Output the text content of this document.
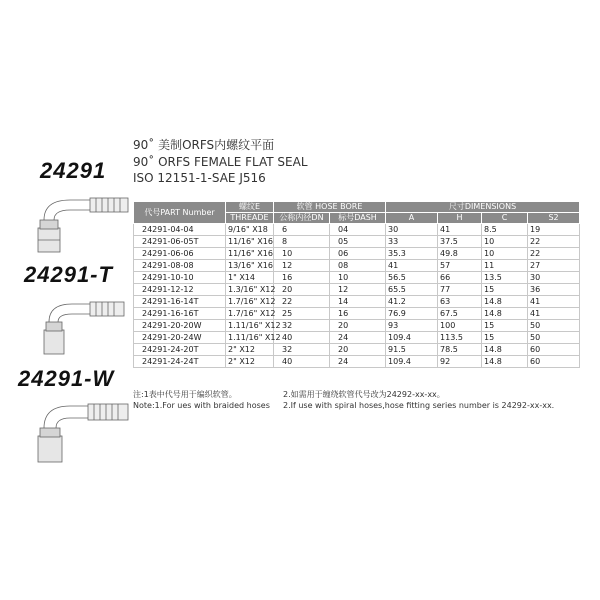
24291
24291-T
24291-W
90˚ 美制ORFS内螺纹平面
90˚ ORFS FEMALE FLAT SEAL
ISO 12151-1-SAE J516
代号PART Number	螺纹E	软管 HOSE BORE		尺寸DIMENSIONS			
	THREADE	公称内径DN	标号DASH	A	H	C	S2
24291-04-04	9/16" X18	6	04	30	41	8.5	19
24291-06-05T	11/16" X16	8	05	33	37.5	10	22
24291-06-06	11/16" X16	10	06	35.3	49.8	10	22
24291-08-08	13/16" X16	12	08	41	57	11	27
24291-10-10	1" X14	16	10	56.5	66	13.5	30
24291-12-12	1.3/16" X12	20	12	65.5	77	15	36
24291-16-14T	1.7/16" X12	22	14	41.2	63	14.8	41
24291-16-16T	1.7/16" X12	25	16	76.9	67.5	14.8	41
24291-20-20W	1.11/16" X12	32	20	93	100	15	50
24291-20-24W	1.11/16" X12	40	24	109.4	113.5	15	50
24291-24-20T	2" X12	32	20	91.5	78.5	14.8	60
24291-24-24T	2" X12	40	24	109.4	92	14.8	60
注:1表中代号用于编织软管。
Note:1.For ues with braided hoses
2.如需用于缠绕软管代号改为24292-xx-xx。
2.If use with spiral hoses,hose fitting series number is 24292-xx-xx.
